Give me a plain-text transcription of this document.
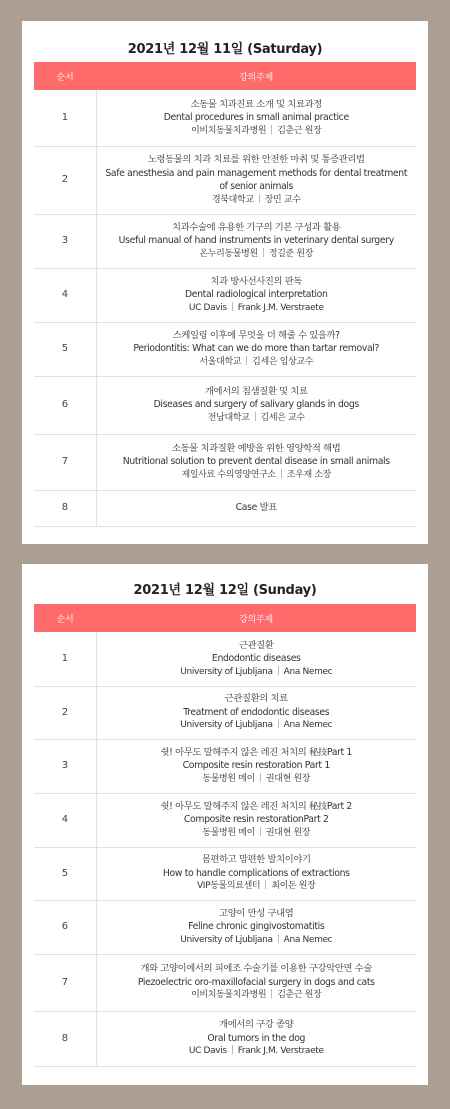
2021년 12월 11일 (Saturday)
순서	강의주제
1	소동물 치과진료 소개 및 치료과정
Dental procedures in small animal practice
이비치동물치과병원 김춘근 원장

2	노령동물의 치과 치료를 위한 안전한 마취 및 통증관리법
Safe anesthesia and pain management methods for dental treatment of senior animals
경북대학교 장민 교수

3	치과수술에 유용한 기구의 기본 구성과 활용
Useful manual of hand instruments in veterinary dental surgery
온누리동물병원 정길준 원장

4	치과 방사선사진의 판독
Dental radiological interpretation
UC Davis Frank J.M. Verstraete

5	스케일링 이후에 무엇을 더 해줄 수 있을까?
Periodontitis: What can we do more than tartar removal?
서울대학교 김세은 임상교수

6	개에서의 침샘질환 및 치료
Diseases and surgery of salivary glands in dogs
전남대학교 김세은 교수

7	소동물 치과질환 예방을 위한 영양학적 해법
Nutritional solution to prevent dental disease in small animals
제일사료 수의영양연구소 조우재 소장

8	Case 발표
2021년 12월 12일 (Sunday)
순서	강의주제
1	근관질환
Endodontic diseases
University of Ljubljana Ana Nemec

2	근관질환의 치료
Treatment of endodontic diseases
University of Ljubljana Ana Nemec

3	쉿! 아무도 말해주지 않은 레진 처치의 秘技Part 1
Composite resin restoration Part 1
동물병원 메이 권대현 원장

4	쉿! 아무도 말해주지 않은 레진 처치의 秘技Part 2
Composite resin restorationPart 2
동물병원 메이 권대현 원장

5	몸편하고 맘편한 발치이야기
How to handle complications of extractions
VIP동물의료센터 최이돈 원장

6	고양이 만성 구내염
Feline chronic gingivostomatitis
University of Ljubljana Ana Nemec

7	개와 고양이에서의 피에조 수술기를 이용한 구강악안면 수술
Piezoelectric oro-maxillofacial surgery in dogs and cats
이비치동물치과병원 김춘근 원장

8	개에서의 구강 종양
Oral tumors in the dog
UC Davis Frank J.M. Verstraete
